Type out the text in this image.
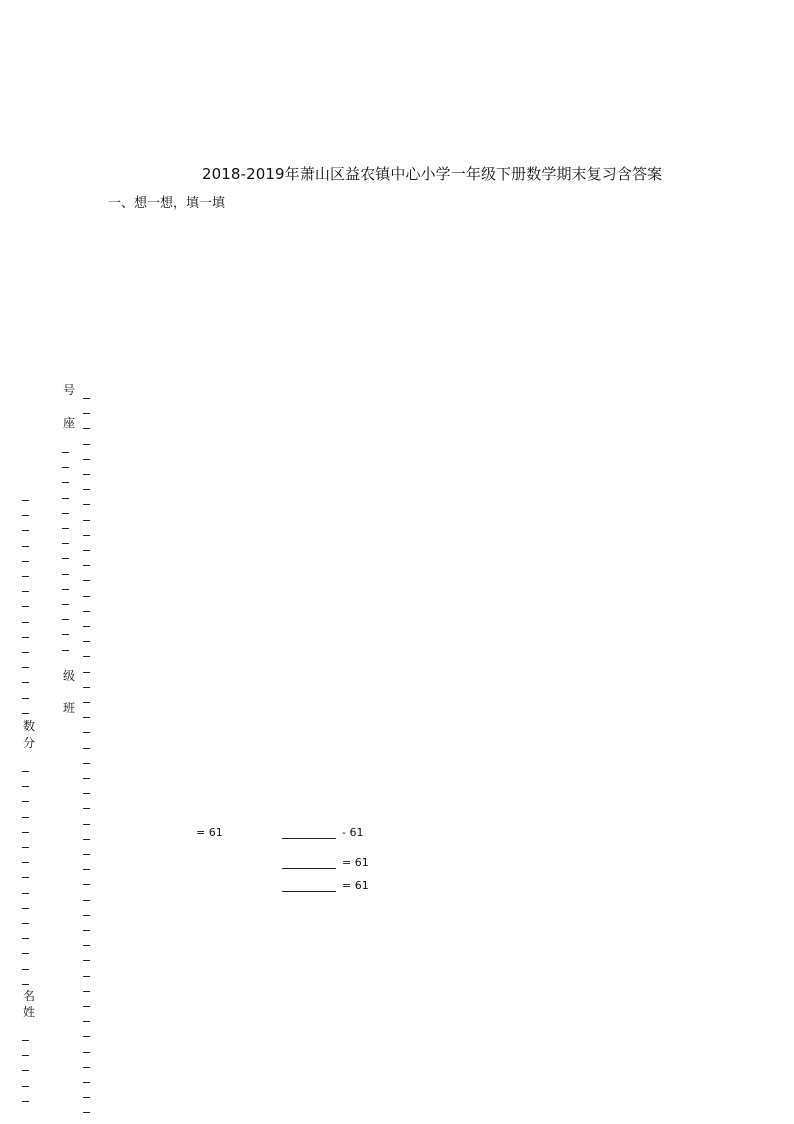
2018-2019年萧山区益农镇中心小学一年级下册数学期末复习含答案
一、想一想，填一填
号
座
级
班
数
分
名
姓
= 61	- 61
= 61
= 61
